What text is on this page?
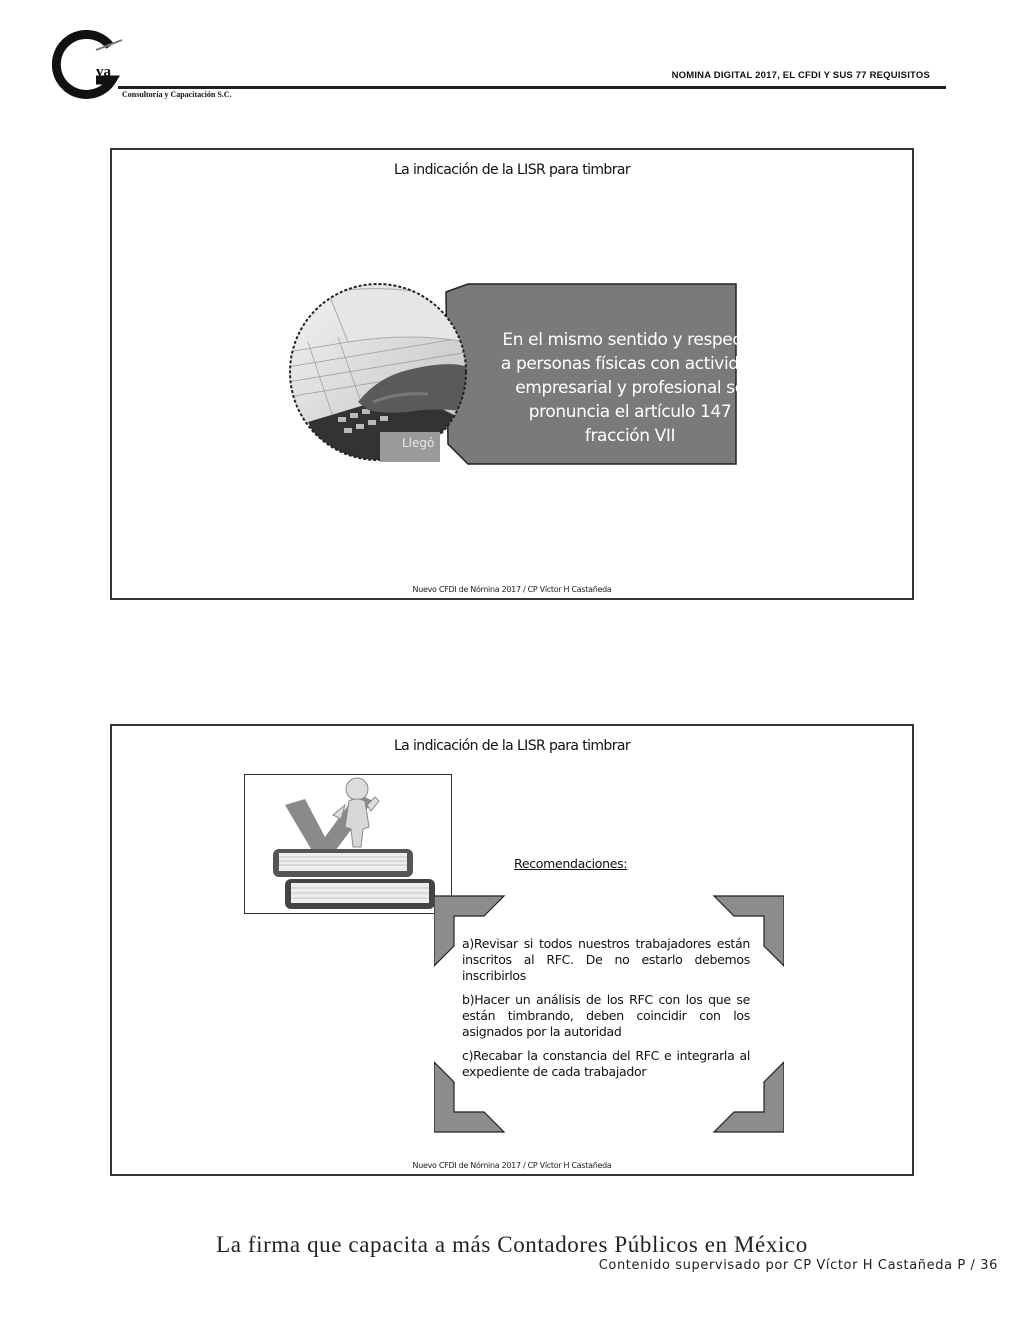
va
Consultoría y Capacitación S.C.
NOMINA DIGITAL 2017, EL CFDI Y SUS 77 REQUISITOS
La indicación de la LISR para timbrar
Llegó
En el mismo sentido y respecto a personas físicas con actividad empresarial y profesional se pronuncia el artículo 147 fracción VII
Nuevo CFDI de Nómina 2017 / CP Víctor H Castañeda
La indicación de la LISR para timbrar
Recomendaciones:

a)Revisar si todos nuestros trabajadores están inscritos al RFC. De no estarlo debemos inscribirlos

b)Hacer un análisis de los RFC con los que se están timbrando, deben coincidir con los asignados por la autoridad

c)Recabar la constancia del RFC e integrarla al expediente de cada trabajador

Nuevo CFDI de Nómina 2017 / CP Víctor H Castañeda
La firma que capacita a más Contadores Públicos en México
Contenido supervisado por CP Víctor H Castañeda P / 36
